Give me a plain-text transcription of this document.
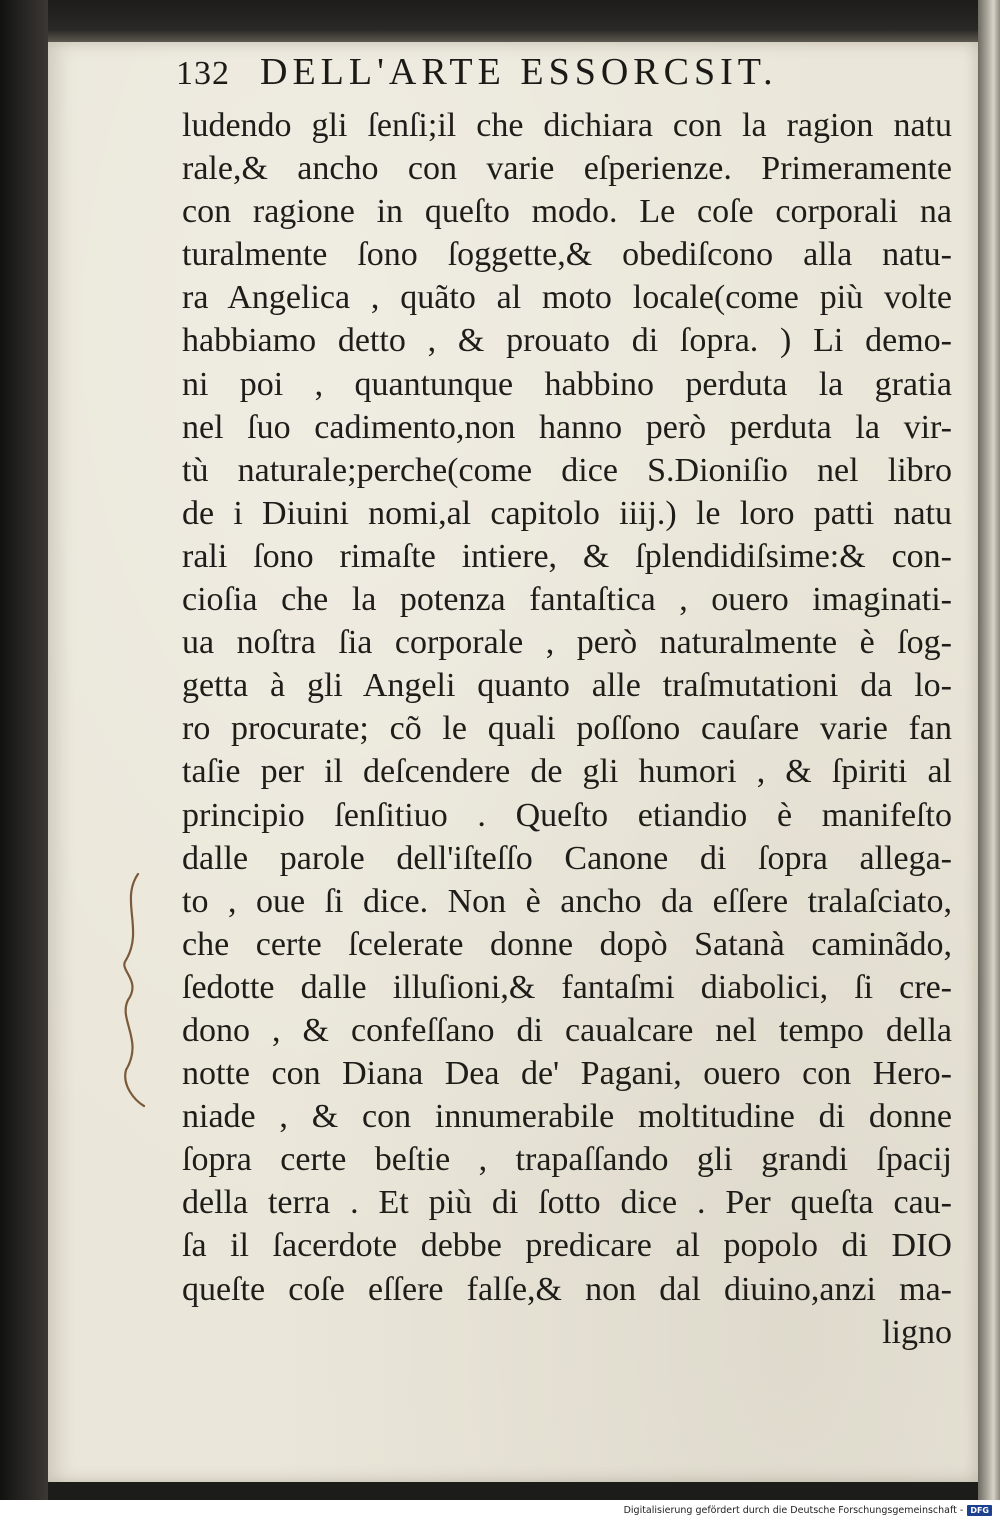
132 DELL'ARTE ESSORCSIT.
ludendo gli ſenſi;il che dichiara con la ragion natu
rale,& ancho con varie eſperienze. Primeramente
con ragione in queſto modo. Le coſe corporali na
turalmente ſono ſoggette,& obediſcono alla natu-
ra Angelica , quãto al moto locale(come più volte
habbiamo detto , & prouato di ſopra. ) Li demo-
ni poi , quantunque habbino perduta la gratia
nel ſuo cadimento,non hanno però perduta la vir-
tù naturale;perche(come dice S.Dioniſio nel libro
de i Diuini nomi,al capitolo iiij.) le loro patti natu
rali ſono rimaſte intiere, & ſplendidiſsime:& con-
cioſia che la potenza fantaſtica , ouero imaginati-
ua noſtra ſia corporale , però naturalmente è ſog-
getta à gli Angeli quanto alle traſmutationi da lo-
ro procurate; cõ le quali poſſono cauſare varie fan
taſie per il deſcendere de gli humori , & ſpiriti al
principio ſenſitiuo . Queſto etiandio è manifeſto
dalle parole dell'iſteſſo Canone di ſopra allega-
to , oue ſi dice. Non è ancho da eſſere tralaſciato,
che certe ſcelerate donne dopò Satanà caminãdo,
ſedotte dalle illuſioni,& fantaſmi diabolici, ſi cre-
dono , & confeſſano di caualcare nel tempo della
notte con Diana Dea de' Pagani, ouero con Hero-
niade , & con innumerabile moltitudine di donne
ſopra certe beſtie , trapaſſando gli grandi ſpacij
della terra . Et più di ſotto dice . Per queſta cau-
ſa il ſacerdote debbe predicare al popolo di DIO
queſte coſe eſſere falſe,& non dal diuino,anzi ma-
ligno
Digitalisierung gefördert durch die Deutsche Forschungsgemeinschaft - DFG
